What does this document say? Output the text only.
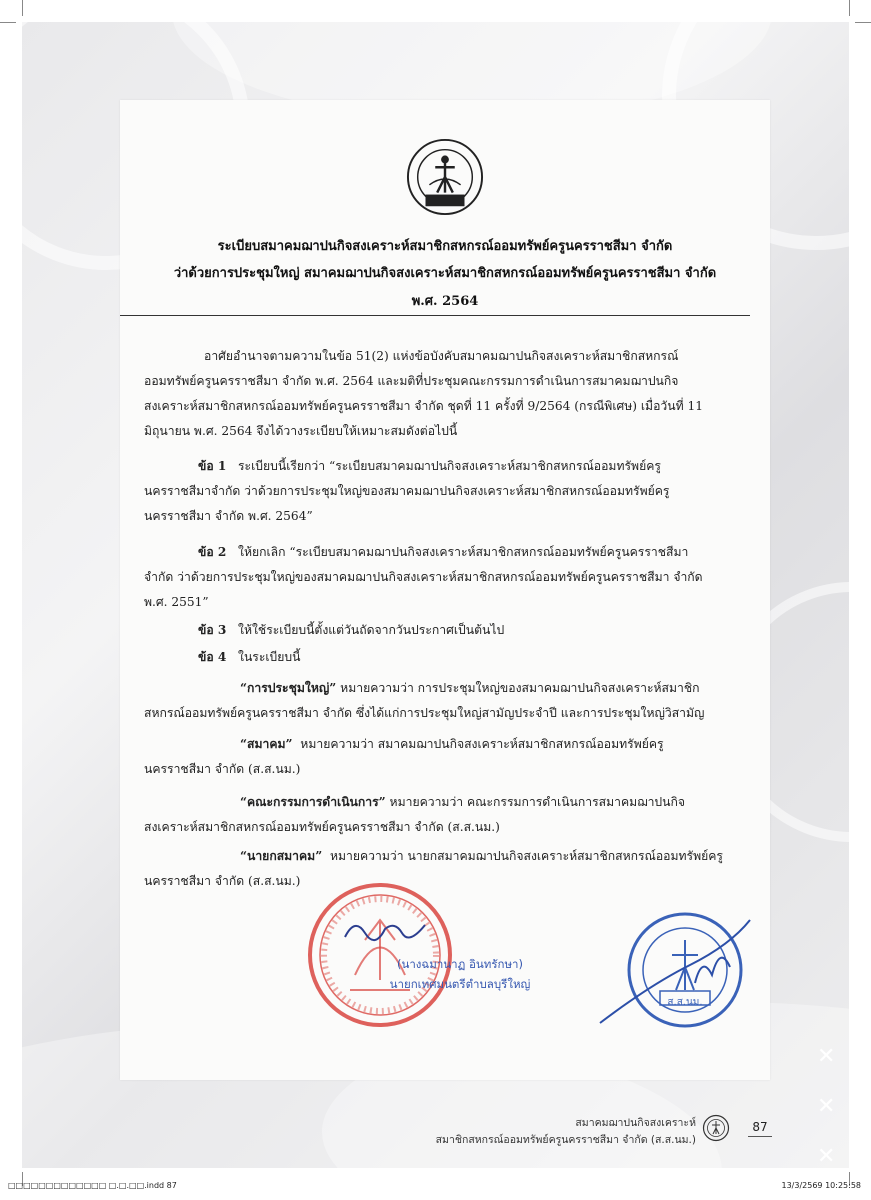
✕
✕
✕
ระเบียบสมาคมฌาปนกิจสงเคราะห์สมาชิกสหกรณ์ออมทรัพย์ครูนครราชสีมา จำกัด
ว่าด้วยการประชุมใหญ่ สมาคมฌาปนกิจสงเคราะห์สมาชิกสหกรณ์ออมทรัพย์ครูนครราชสีมา จำกัด
พ.ศ. 2564
อาศัยอำนาจตามความในข้อ 51(2) แห่งข้อบังคับสมาคมฌาปนกิจสงเคราะห์สมาชิกสหกรณ์
ออมทรัพย์ครูนครราชสีมา จำกัด พ.ศ. 2564 และมติที่ประชุมคณะกรรมการดำเนินการสมาคมฌาปนกิจ
สงเคราะห์สมาชิกสหกรณ์ออมทรัพย์ครูนครราชสีมา จำกัด ชุดที่ 11 ครั้งที่ 9/2564 (กรณีพิเศษ) เมื่อวันที่ 11
มิถุนายน พ.ศ. 2564 จึงได้วางระเบียบให้เหมาะสมดังต่อไปนี้
ข้อ 1 ระเบียบนี้เรียกว่า “ระเบียบสมาคมฌาปนกิจสงเคราะห์สมาชิกสหกรณ์ออมทรัพย์ครู
นครราชสีมาจำกัด ว่าด้วยการประชุมใหญ่ของสมาคมฌาปนกิจสงเคราะห์สมาชิกสหกรณ์ออมทรัพย์ครู
นครราชสีมา จำกัด พ.ศ. 2564”
ข้อ 2 ให้ยกเลิก “ระเบียบสมาคมฌาปนกิจสงเคราะห์สมาชิกสหกรณ์ออมทรัพย์ครูนครราชสีมา
จำกัด ว่าด้วยการประชุมใหญ่ของสมาคมฌาปนกิจสงเคราะห์สมาชิกสหกรณ์ออมทรัพย์ครูนครราชสีมา จำกัด
พ.ศ. 2551”
ข้อ 3 ให้ใช้ระเบียบนี้ตั้งแต่วันถัดจากวันประกาศเป็นต้นไป
ข้อ 4 ในระเบียบนี้
“การประชุมใหญ่” หมายความว่า การประชุมใหญ่ของสมาคมฌาปนกิจสงเคราะห์สมาชิก
สหกรณ์ออมทรัพย์ครูนครราชสีมา จำกัด ซึ่งได้แก่การประชุมใหญ่สามัญประจำปี และการประชุมใหญ่วิสามัญ
“สมาคม” หมายความว่า สมาคมฌาปนกิจสงเคราะห์สมาชิกสหกรณ์ออมทรัพย์ครู
นครราชสีมา จำกัด (ส.ส.นม.)
“คณะกรรมการดำเนินการ” หมายความว่า คณะกรรมการดำเนินการสมาคมฌาปนกิจ
สงเคราะห์สมาชิกสหกรณ์ออมทรัพย์ครูนครราชสีมา จำกัด (ส.ส.นม.)
“นายกสมาคม” หมายความว่า นายกสมาคมฌาปนกิจสงเคราะห์สมาชิกสหกรณ์ออมทรัพย์ครู
นครราชสีมา จำกัด (ส.ส.นม.)
(นางฉมานาฏ อินทรักษา)
นายกเทศมนตรีตำบลบุรีใหญ่
ส.ส.นม.
สมาคมฌาปนกิจสงเคราะห์
สมาชิกสหกรณ์ออมทรัพย์ครูนครราชสีมา จำกัด (ส.ส.นม.)
87
□□□□□□□□□□□□□ □.□.□□.indd 87	13/3/2569 10:25:58
